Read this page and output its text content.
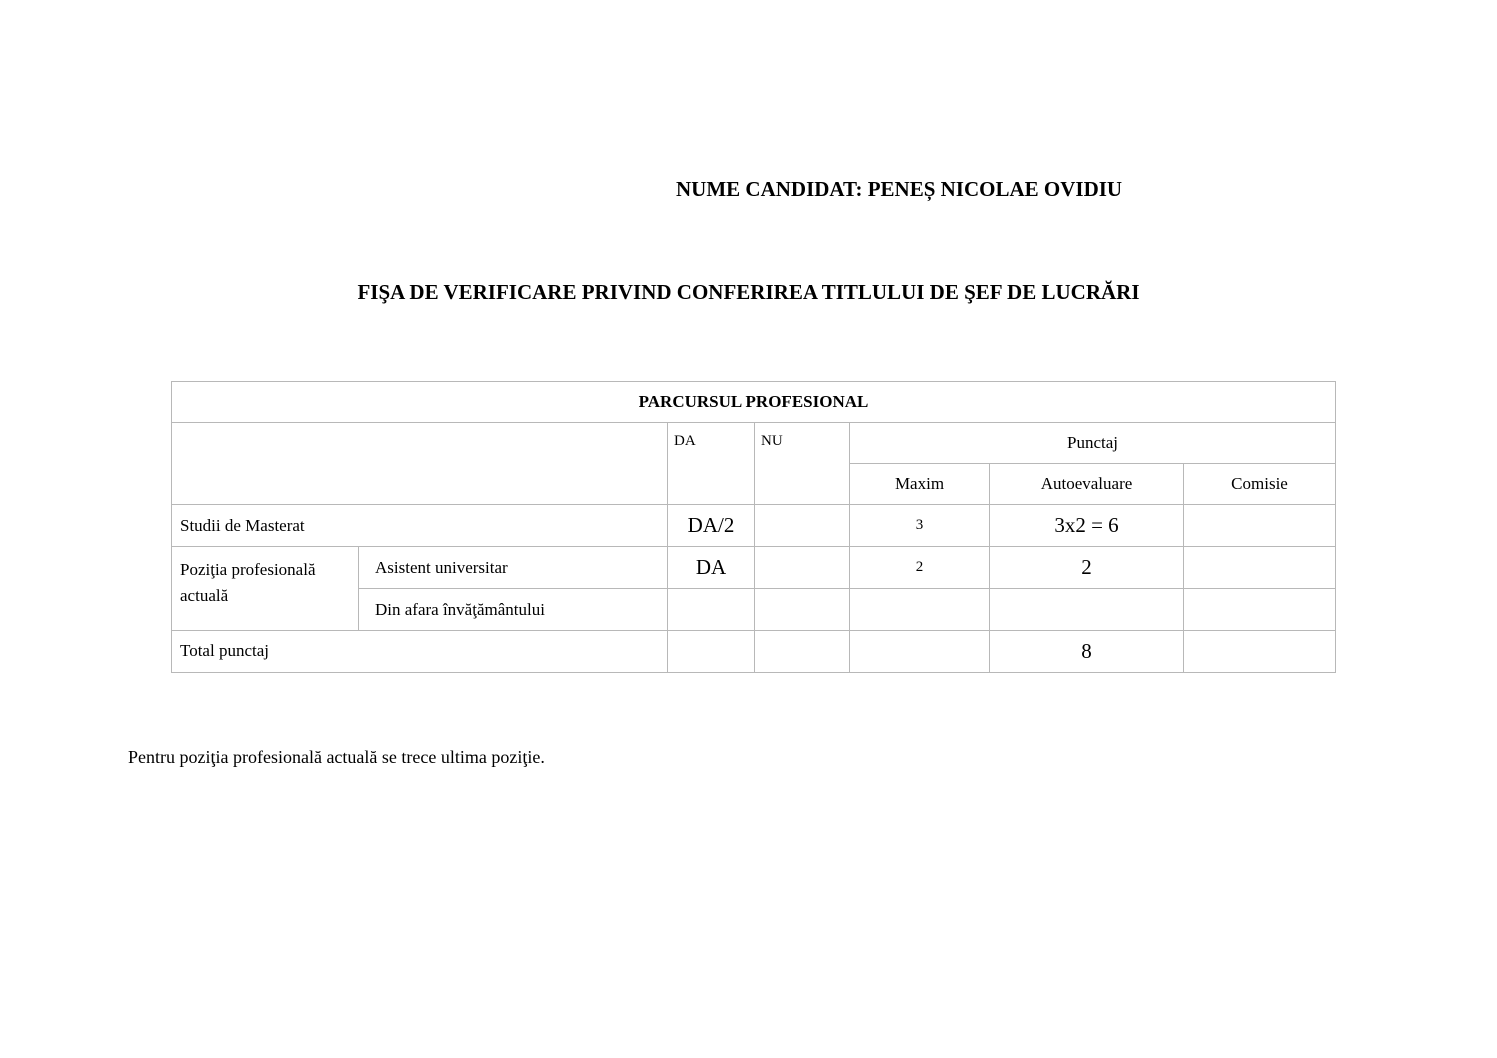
NUME CANDIDAT: PENEȘ NICOLAE OVIDIU

FIŞA DE VERIFICARE PRIVIND CONFERIREA TITLULUI DE ŞEF DE LUCRĂRI

PARCURSUL PROFESIONAL						
		DA	NU	Punctaj		
				Maxim	Autoevaluare	Comisie
Studii de Masterat		DA/2		3	3x2 = 6	
Poziţia profesională actuală	Asistent universitar	DA		2	2	
	Din afara învăţământului					
Total punctaj					8	

Pentru poziţia profesională actuală se trece ultima poziţie.
